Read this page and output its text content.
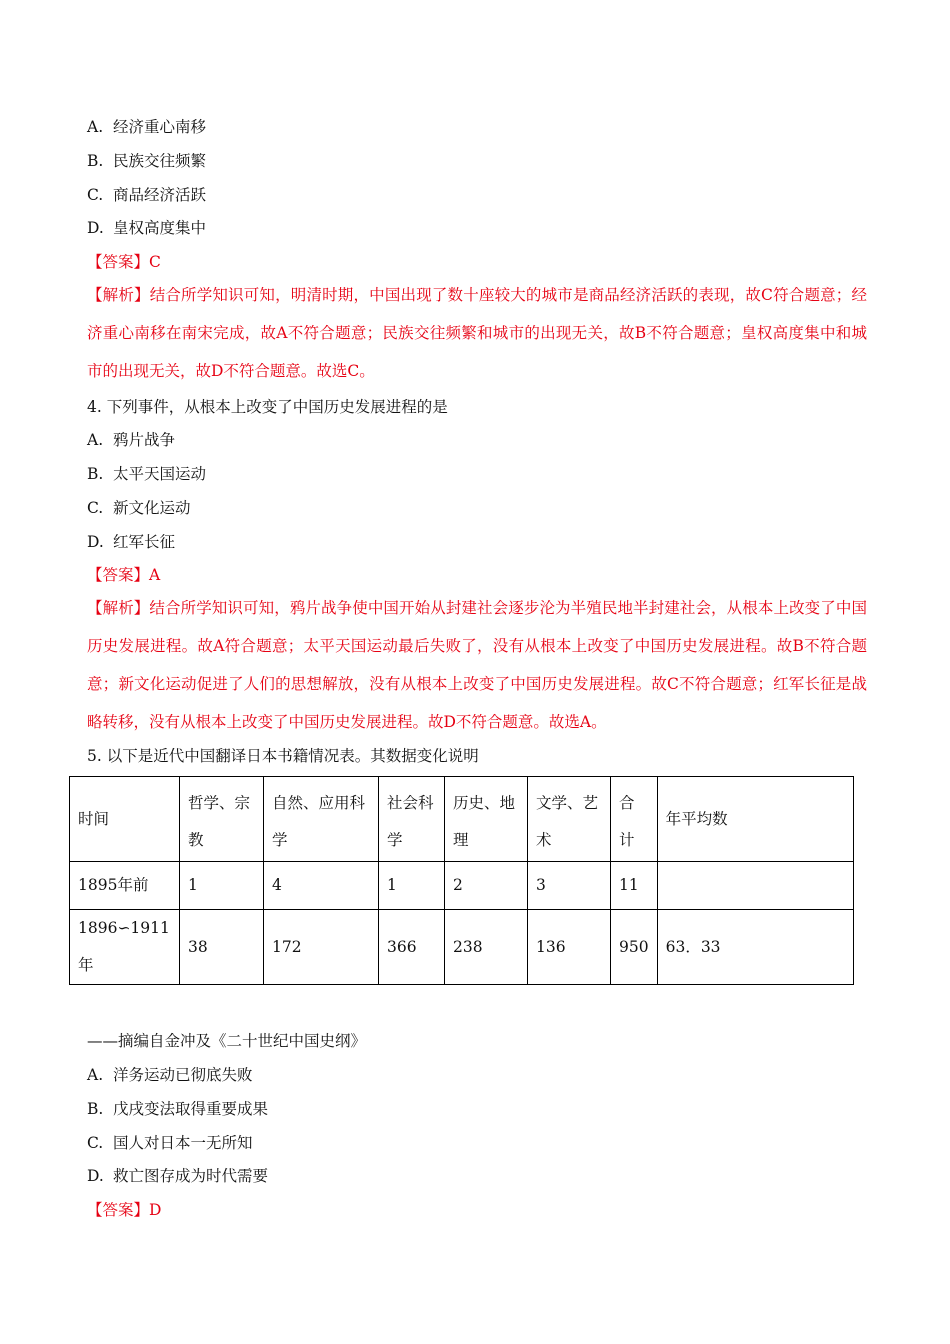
A. 经济重心南移
B. 民族交往频繁
C. 商品经济活跃
D. 皇权高度集中
【答案】C
【解析】结合所学知识可知，明清时期，中国出现了数十座较大的城市是商品经济活跃的表现，故C符合题意；经济重心南移在南宋完成，故A不符合题意；民族交往频繁和城市的出现无关，故B不符合题意；皇权高度集中和城市的出现无关，故D不符合题意。故选C。
4. 下列事件，从根本上改变了中国历史发展进程的是
A. 鸦片战争
B. 太平天国运动
C. 新文化运动
D. 红军长征
【答案】A
【解析】结合所学知识可知，鸦片战争使中国开始从封建社会逐步沦为半殖民地半封建社会，从根本上改变了中国历史发展进程。故A符合题意；太平天国运动最后失败了，没有从根本上改变了中国历史发展进程。故B不符合题意；新文化运动促进了人们的思想解放，没有从根本上改变了中国历史发展进程。故C不符合题意；红军长征是战略转移，没有从根本上改变了中国历史发展进程。故D不符合题意。故选A。
5. 以下是近代中国翻译日本书籍情况表。其数据变化说明
时间	哲学、宗教	自然、应用科学	社会科学	历史、地理	文学、艺术	合计	年平均数
1895年前	1	4	1	2	3	11	
1896∽1911年	38	172	366	238	136	950	63．33
——摘编自金冲及《二十世纪中国史纲》
A. 洋务运动已彻底失败
B. 戊戌变法取得重要成果
C. 国人对日本一无所知
D. 救亡图存成为时代需要
【答案】D
